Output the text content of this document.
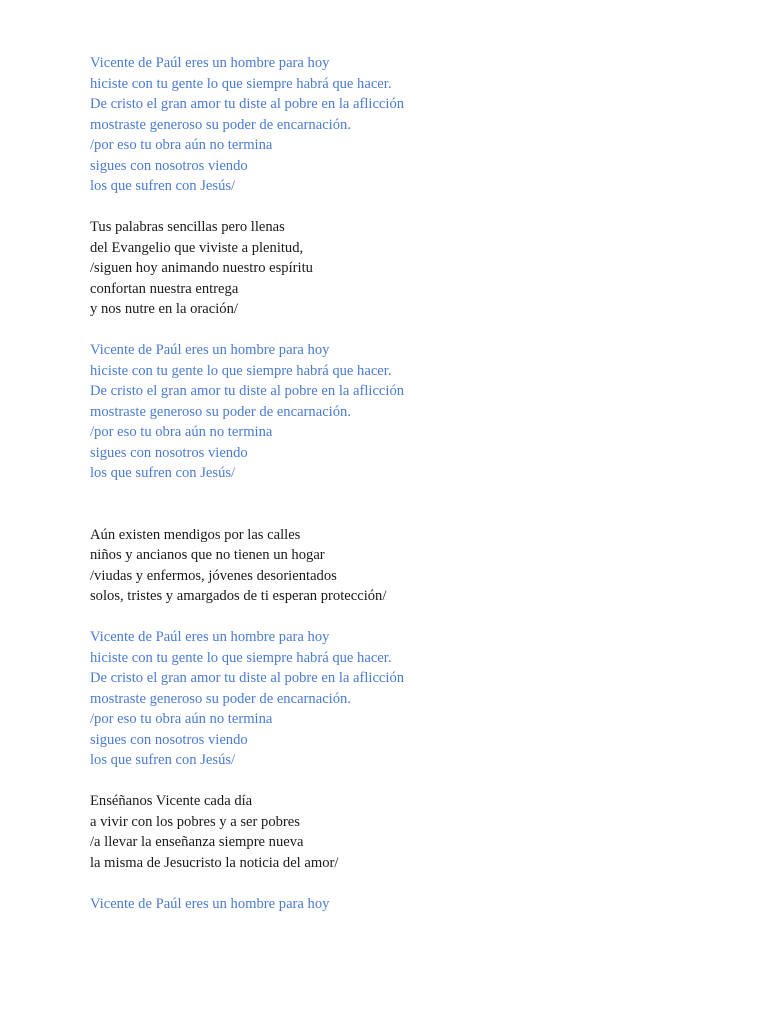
Vicente de Paúl eres un hombre para hoy
hiciste con tu gente lo que siempre habrá que hacer.
De cristo el gran amor tu diste al pobre en la aflicción
mostraste generoso su poder de encarnación.
/por eso tu obra aún no termina
sigues con nosotros viendo
los que sufren con Jesús/
Tus palabras sencillas pero llenas
del Evangelio que viviste a plenitud,
/siguen hoy animando nuestro espíritu
confortan nuestra entrega
y nos nutre en la oración/
Vicente de Paúl eres un hombre para hoy
hiciste con tu gente lo que siempre habrá que hacer.
De cristo el gran amor tu diste al pobre en la aflicción
mostraste generoso su poder de encarnación.
/por eso tu obra aún no termina
sigues con nosotros viendo
los que sufren con Jesús/
Aún existen mendigos por las calles
niños y ancianos que no tienen un hogar
/viudas y enfermos, jóvenes desorientados
solos, tristes y amargados de ti esperan protección/
Vicente de Paúl eres un hombre para hoy
hiciste con tu gente lo que siempre habrá que hacer.
De cristo el gran amor tu diste al pobre en la aflicción
mostraste generoso su poder de encarnación.
/por eso tu obra aún no termina
sigues con nosotros viendo
los que sufren con Jesús/
Enséñanos Vicente cada día
a vivir con los pobres y a ser pobres
/a llevar la enseñanza siempre nueva
la misma de Jesucristo la noticia del amor/
Vicente de Paúl eres un hombre para hoy
